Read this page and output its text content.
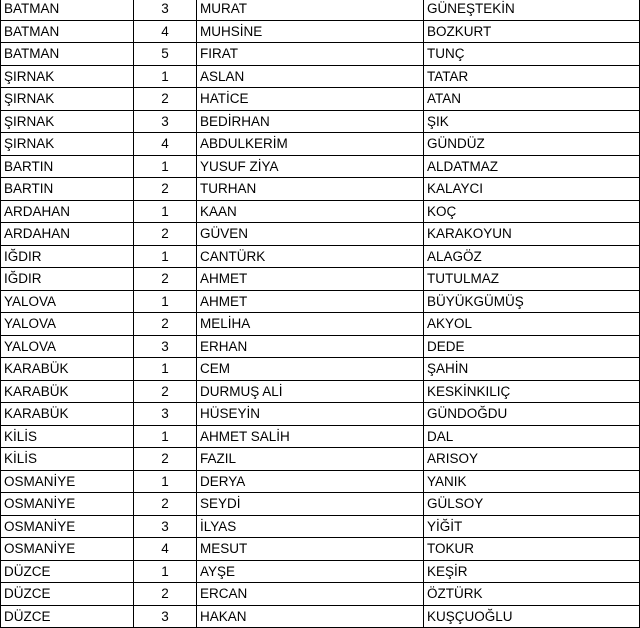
BATMAN	3	MURAT	GÜNEŞTEKİN
BATMAN	4	MUHSİNE	BOZKURT
BATMAN	5	FIRAT	TUNÇ
ŞIRNAK	1	ASLAN	TATAR
ŞIRNAK	2	HATİCE	ATAN
ŞIRNAK	3	BEDİRHAN	ŞIK
ŞIRNAK	4	ABDULKERİM	GÜNDÜZ
BARTIN	1	YUSUF ZİYA	ALDATMAZ
BARTIN	2	TURHAN	KALAYCI
ARDAHAN	1	KAAN	KOÇ
ARDAHAN	2	GÜVEN	KARAKOYUN
IĞDIR	1	CANTÜRK	ALAGÖZ
IĞDIR	2	AHMET	TUTULMAZ
YALOVA	1	AHMET	BÜYÜKGÜMÜŞ
YALOVA	2	MELİHA	AKYOL
YALOVA	3	ERHAN	DEDE
KARABÜK	1	CEM	ŞAHİN
KARABÜK	2	DURMUŞ ALİ	KESKİNKILIÇ
KARABÜK	3	HÜSEYİN	GÜNDOĞDU
KİLİS	1	AHMET SALİH	DAL
KİLİS	2	FAZIL	ARISOY
OSMANİYE	1	DERYA	YANIK
OSMANİYE	2	SEYDİ	GÜLSOY
OSMANİYE	3	İLYAS	YİĞİT
OSMANİYE	4	MESUT	TOKUR
DÜZCE	1	AYŞE	KEŞİR
DÜZCE	2	ERCAN	ÖZTÜRK
DÜZCE	3	HAKAN	KUŞÇUOĞLU
